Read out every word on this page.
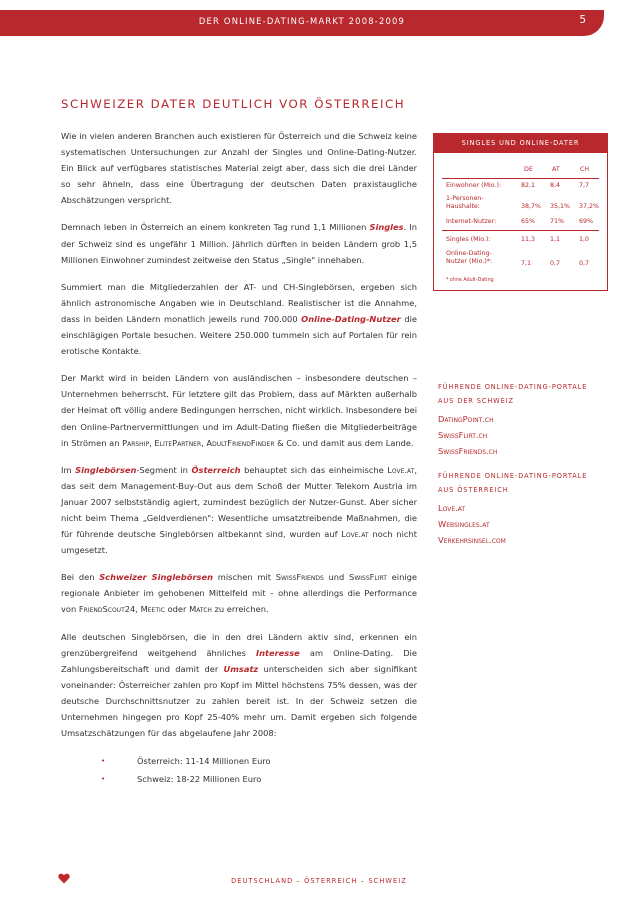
DER ONLINE-DATING-MARKT 2008-2009	5
SCHWEIZER DATER DEUTLICH VOR ÖSTERREICH

Wie in vielen anderen Branchen auch existieren für Österreich und die Schweiz keine systematischen Untersuchungen zur Anzahl der Singles und Online-Dating-Nutzer. Ein Blick auf verfügbares statistisches Material zeigt aber, dass sich die drei Länder so sehr ähneln, dass eine Übertragung der deutschen Daten praxistaugliche Abschätzungen verspricht.

Demnach leben in Österreich an einem konkreten Tag rund 1,1 Millionen Singles. In der Schweiz sind es ungefähr 1 Million. Jährlich dürften in beiden Ländern grob 1,5 Millionen Einwohner zumindest zeitweise den Status „Single" innehaben.

Summiert man die Mitgliederzahlen der AT- und CH-Singlebörsen, ergeben sich ähnlich astronomische Angaben wie in Deutschland. Realistischer ist die Annahme, dass in beiden Ländern monatlich jeweils rund 700.000 Online-Dating-Nutzer die einschlägigen Portale besuchen. Weitere 250.000 tummeln sich auf Portalen für rein erotische Kontakte.

Der Markt wird in beiden Ländern von ausländischen – insbesondere deutschen – Unternehmen beherrscht. Für letztere gilt das Problem, dass auf Märkten außerhalb der Heimat oft völlig andere Bedingungen herrschen, nicht wirklich. Insbesondere bei den Online-Partnervermittlungen und im Adult-Dating fließen die Mitgliederbeiträge in Strömen an Parship, ElitePartner, AdultFriendFinder & Co. und damit aus dem Lande.

Im Singlebörsen-Segment in Österreich behauptet sich das einheimische Love.at, das seit dem Management-Buy-Out aus dem Schoß der Mutter Telekom Austria im Januar 2007 selbstständig agiert, zumindest bezüglich der Nutzer-Gunst. Aber sicher nicht beim Thema „Geldverdienen": Wesentliche umsatztreibende Maßnahmen, die für führende deutsche Singlebörsen altbekannt sind, wurden auf Love.at noch nicht umgesetzt.

Bei den Schweizer Singlebörsen mischen mit SwissFriends und SwissFlirt einige regionale Anbieter im gehobenen Mittelfeld mit – ohne allerdings die Performance von FriendScout24, Meetic oder Match zu erreichen.

Alle deutschen Singlebörsen, die in den drei Ländern aktiv sind, erkennen ein grenzübergreifend weitgehend ähnliches Interesse am Online-Dating. Die Zahlungsbereitschaft und damit der Umsatz unterscheiden sich aber signifikant voneinander: Österreicher zahlen pro Kopf im Mittel höchstens 75% dessen, was der deutsche Durchschnittsnutzer zu zahlen bereit ist. In der Schweiz setzen die Unternehmen hingegen pro Kopf 25-40% mehr um. Damit ergeben sich folgende Umsatzschätzungen für das abgelaufene Jahr 2008:

• Österreich: 11-14 Millionen Euro
• Schweiz: 18-22 Millionen Euro
SINGLES UND ONLINE-DATER
DE	AT	CH
Einwohner (Mio.):	82,1 8,4	7,7
1-Personen-Haushalte:	38,7% 35,1% 37,2%
Internet-Nutzer:	65% 71% 69%
Singles (Mio.):	11,3 1,1	1,0
Online-Dating-Nutzer (Mio.)*:	7,1	0,7	0,7
* ohne Adult-Dating
FÜHRENDE ONLINE-DATING-PORTALE
AUS DER SCHWEIZ
DatingPoint.ch
SwissFlirt.ch
SwissFriends.ch
FÜHRENDE ONLINE-DATING-PORTALE
AUS ÖSTERREICH
Love.at
Websingles.at
Verkehrsinsel.com
DEUTSCHLAND – ÖSTERREICH – SCHWEIZ
